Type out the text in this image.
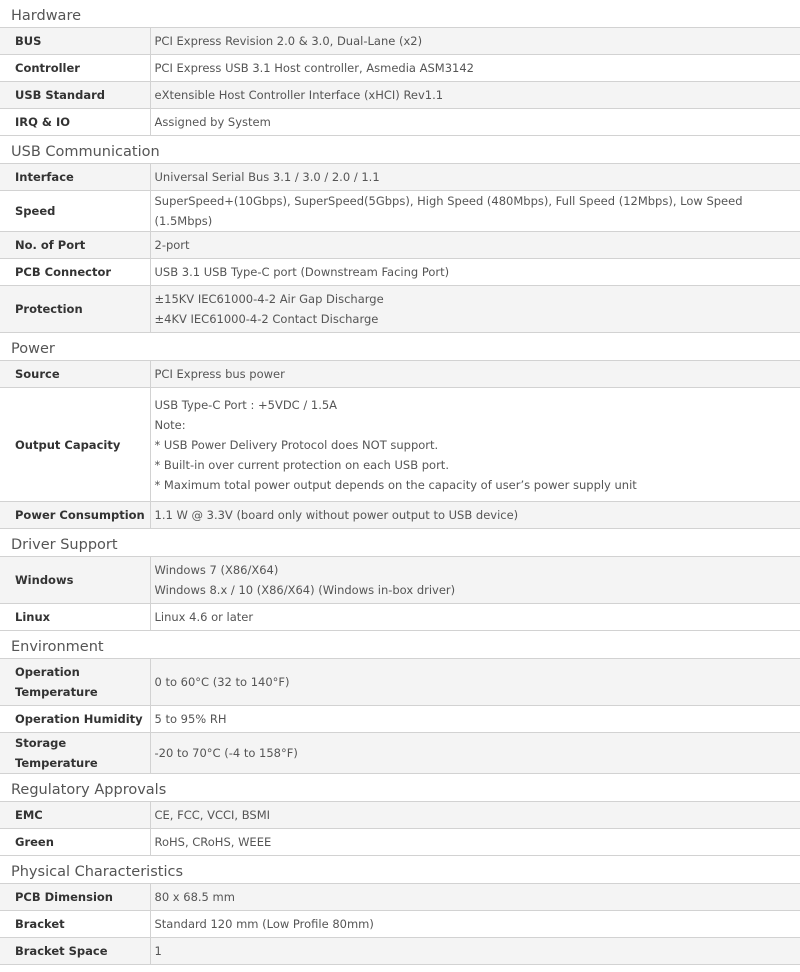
Hardware
BUS	PCI Express Revision 2.0 & 3.0, Dual-Lane (x2)

Controller	PCI Express USB 3.1 Host controller, Asmedia ASM3142

USB Standard	eXtensible Host Controller Interface (xHCI) Rev1.1

IRQ & IO	Assigned by System
USB Communication
Interface	Universal Serial Bus 3.1 / 3.0 / 2.0 / 1.1

Speed	SuperSpeed+(10Gbps), SuperSpeed(5Gbps), High Speed (480Mbps), Full Speed (12Mbps), Low Speed (1.5Mbps)

No. of Port	2-port

PCB Connector	USB 3.1 USB Type-C port (Downstream Facing Port)

Protection	±15KV IEC61000-4-2 Air Gap Discharge
±4KV IEC61000-4-2 Contact Discharge
Power
Source	PCI Express bus power

Output Capacity	USB Type-C Port : +5VDC / 1.5A
Note:
* USB Power Delivery Protocol does NOT support.
* Built-in over current protection on each USB port.
* Maximum total power output depends on the capacity of user’s power supply unit

Power Consumption	1.1 W @ 3.3V (board only without power output to USB device)
Driver Support
Windows	Windows 7 (X86/X64)
Windows 8.x / 10 (X86/X64) (Windows in-box driver)

Linux	Linux 4.6 or later
Environment
Operation Temperature	0 to 60°C (32 to 140°F)

Operation Humidity	5 to 95% RH

Storage Temperature	-20 to 70°C (-4 to 158°F)
Regulatory Approvals
EMC	CE, FCC, VCCI, BSMI

Green	RoHS, CRoHS, WEEE
Physical Characteristics
PCB Dimension	80 x 68.5 mm

Bracket	Standard 120 mm (Low Profile 80mm)

Bracket Space	1
